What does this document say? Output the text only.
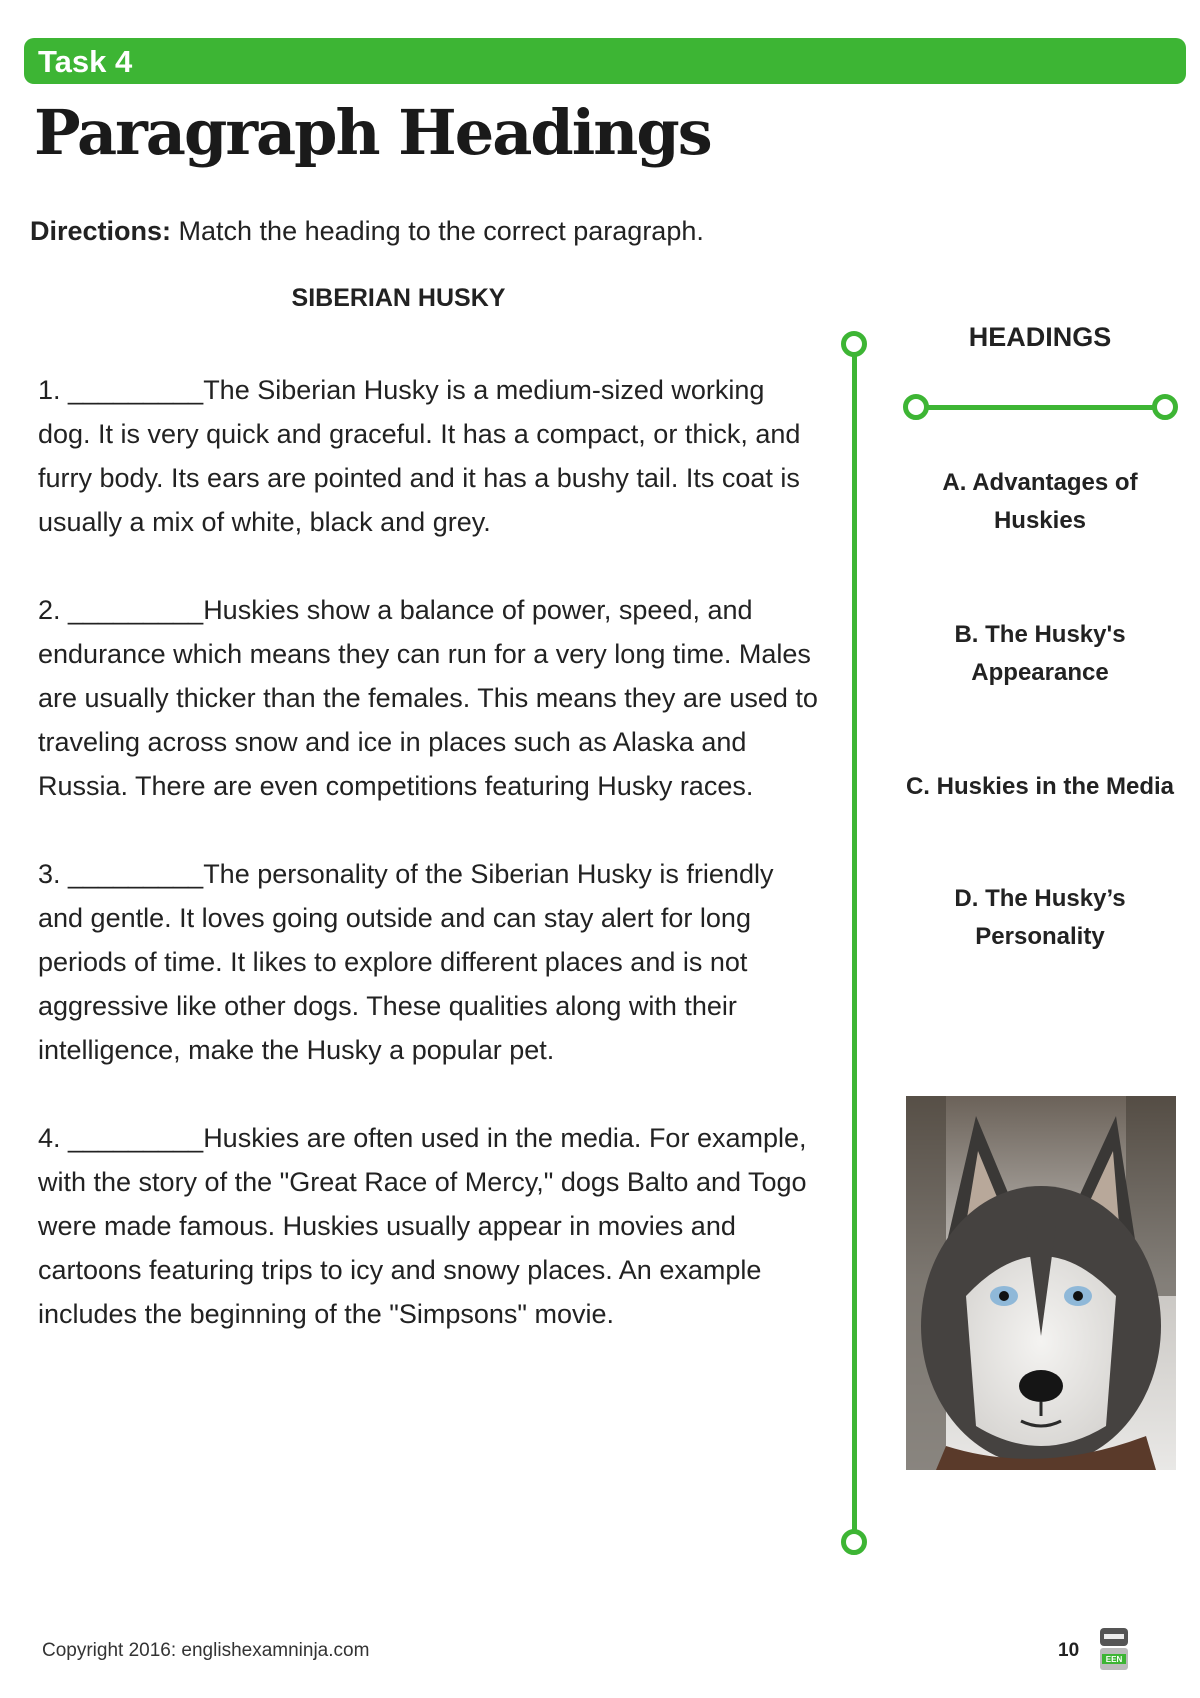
Task 4
Paragraph Headings
Directions: Match the heading to the correct paragraph.
SIBERIAN HUSKY

1. _________The Siberian Husky is a medium-sized working dog. It is very quick and graceful. It has a compact, or thick, and furry body. Its ears are pointed and it has a bushy tail. Its coat is usually a mix of white, black and grey.

2. _________Huskies show a balance of power, speed, and endurance which means they can run for a very long time. Males are usually thicker than the females. This means they are used to traveling across snow and ice in places such as Alaska and Russia. There are even competitions featuring Husky races.

3. _________The personality of the Siberian Husky is friendly and gentle. It loves going outside and can stay alert for long periods of time. It likes to explore different places and is not aggressive like other dogs. These qualities along with their intelligence, make the Husky a popular pet.

4. _________Huskies are often used in the media. For example, with the story of the "Great Race of Mercy," dogs Balto and Togo were made famous. Huskies usually appear in movies and cartoons featuring trips to icy and snowy places. An example includes the beginning of the "Simpsons" movie.

HEADINGS
A. Advantages of
Huskies
B. The Husky's
Appearance
C. Huskies in the Media
D. The Husky’s
Personality
Copyright 2016: englishexamninja.com	10	EEN
